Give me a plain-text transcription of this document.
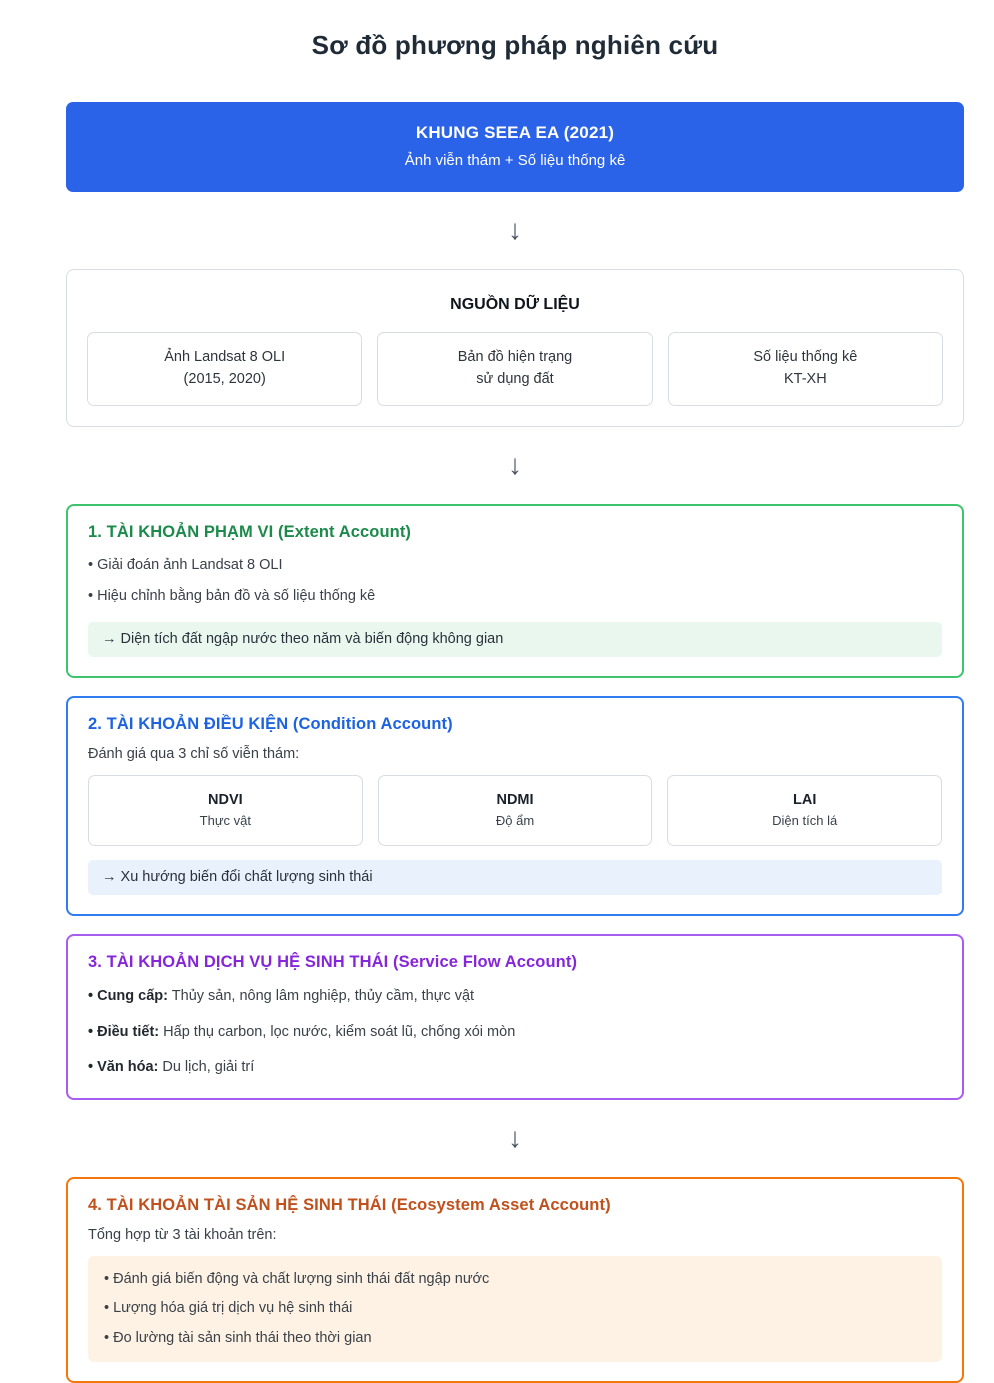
Sơ đồ phương pháp nghiên cứu
KHUNG SEEA EA (2021)
Ảnh viễn thám + Số liệu thống kê
↓
NGUỒN DỮ LIỆU
Ảnh Landsat 8 OLI
(2015, 2020)
Bản đồ hiện trạng
sử dụng đất
Số liệu thống kê
KT-XH
↓
1. TÀI KHOẢN PHẠM VI (Extent Account)
• Giải đoán ảnh Landsat 8 OLI
• Hiệu chỉnh bằng bản đồ và số liệu thống kê
→ Diện tích đất ngập nước theo năm và biến động không gian
2. TÀI KHOẢN ĐIỀU KIỆN (Condition Account)
Đánh giá qua 3 chỉ số viễn thám:
NDVI
Thực vật
NDMI
Độ ẩm
LAI
Diện tích lá
→ Xu hướng biến đổi chất lượng sinh thái
3. TÀI KHOẢN DỊCH VỤ HỆ SINH THÁI (Service Flow Account)
• Cung cấp: Thủy sản, nông lâm nghiệp, thủy cầm, thực vật
• Điều tiết: Hấp thụ carbon, lọc nước, kiểm soát lũ, chống xói mòn
• Văn hóa: Du lịch, giải trí
↓
4. TÀI KHOẢN TÀI SẢN HỆ SINH THÁI (Ecosystem Asset Account)
Tổng hợp từ 3 tài khoản trên:
• Đánh giá biến động và chất lượng sinh thái đất ngập nước
• Lượng hóa giá trị dịch vụ hệ sinh thái
• Đo lường tài sản sinh thái theo thời gian
